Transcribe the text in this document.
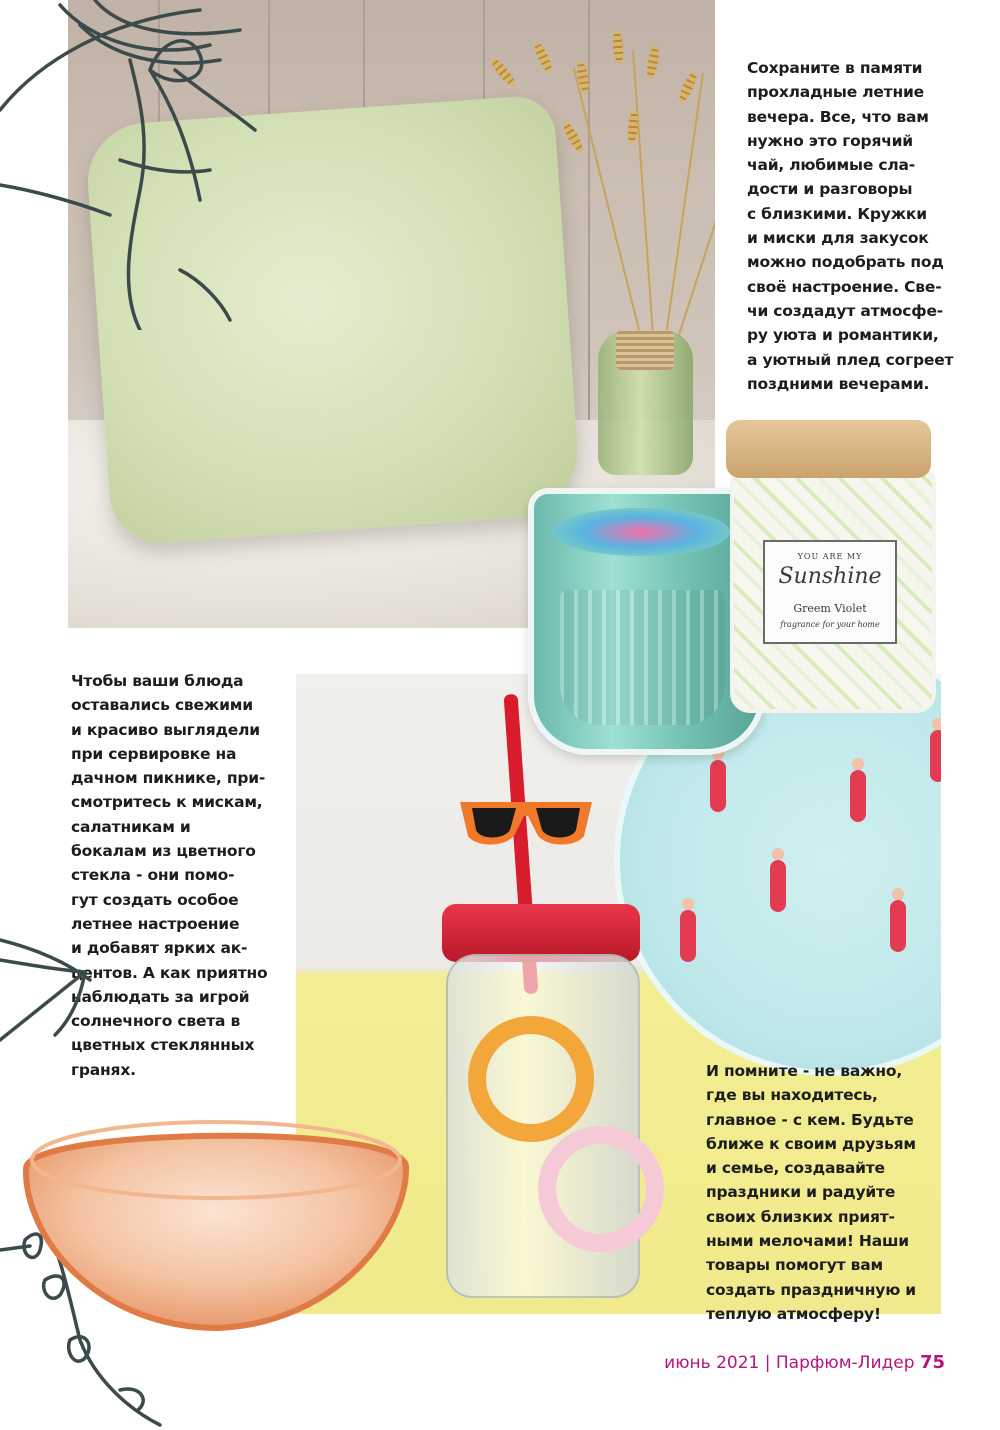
Сохраните в памяти
прохладные летние
вечера. Все, что вам
нужно это горячий
чай, любимые сла-
дости и разговоры
с близкими. Кружки
и миски для закусок
можно подобрать под
своё настроение. Све-
чи создадут атмосфе-
ру уюта и романтики,
а уютный плед согреет
поздними вечерами.
Чтобы ваши блюда
оставались свежими
и красиво выглядели
при сервировке на
дачном пикнике, при-
смотритесь к мискам,
салатникам и
бокалам из цветного
стекла - они помо-
гут создать особое
летнее настроение
и добавят ярких ак-
центов. А как приятно
наблюдать за игрой
солнечного света в
цветных стеклянных
гранях.	И помните - не важно,
где вы находитесь,
главное - с кем. Будьте
ближе к своим друзьям
и семье, создавайте
праздники и радуйте
своих близких прият-
ными мелочами! Наши
товары помогут вам
создать праздничную и
теплую атмосферу!
YOU ARE MY
Sunshine
Greem Violet
fragrance for your home
июнь 2021 | Парфюм-Лидер 75
